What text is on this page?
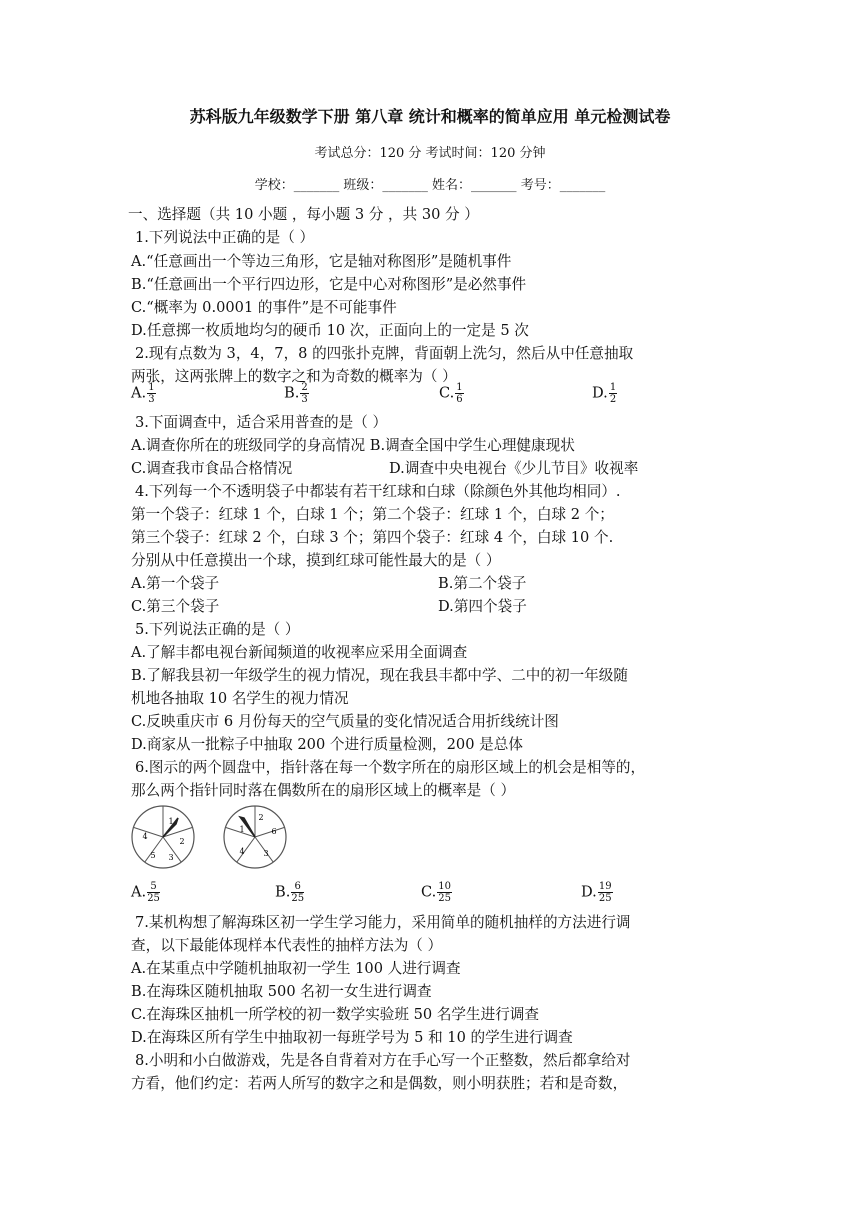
苏科版九年级数学下册 第八章 统计和概率的简单应用 单元检测试卷
考试总分：120 分 考试时间：120 分钟
学校：_______ 班级：_______ 姓名：_______ 考号：_______
一、选择题（共 10 小题 ，每小题 3 分 ，共 30 分 ）
1.下列说法中正确的是（ ）
A.“任意画出一个等边三角形，它是轴对称图形”是随机事件
B.“任意画出一个平行四边形，它是中心对称图形”是必然事件
C.“概率为 0.0001 的事件”是不可能事件
D.任意掷一枚质地均匀的硬币 10 次，正面向上的一定是 5 次
2.现有点数为 3，4，7，8 的四张扑克牌，背面朝上洗匀，然后从中任意抽取
两张，这两张牌上的数字之和为奇数的概率为（ ）
A. $\frac{1}{3}$	B. $\frac{2}{3}$	C. $\frac{1}{6}$	D. $\frac{1}{2}$
3.下面调查中，适合采用普查的是（ ）
A.调查你所在的班级同学的身高情况 B.调查全国中学生心理健康现状
C.调查我市食品合格情况	D.调查中央电视台《少儿节目》收视率
4.下列每一个不透明袋子中都装有若干红球和白球（除颜色外其他均相同）.
第一个袋子：红球 1 个，白球 1 个；第二个袋子：红球 1 个，白球 2 个；
第三个袋子：红球 2 个，白球 3 个；第四个袋子：红球 4 个，白球 10 个.
分别从中任意摸出一个球，摸到红球可能性最大的是（ ）
A.第一个袋子	B.第二个袋子
C.第三个袋子	D.第四个袋子
5.下列说法正确的是（ ）
A.了解丰都电视台新闻频道的收视率应采用全面调查
B.了解我县初一年级学生的视力情况，现在我县丰都中学、二中的初一年级随
机地各抽取 10 名学生的视力情况
C.反映重庆市 6 月份每天的空气质量的变化情况适合用折线统计图
D.商家从一批粽子中抽取 200 个进行质量检测，200 是总体
6.图示的两个圆盘中，指针落在每一个数字所在的扇形区域上的机会是相等的，
那么两个指针同时落在偶数所在的扇形区域上的概率是（ ）
1
2
3
5
4
1
2
6
3
4
A. $\frac{5}{25}$	B. $\frac{6}{25}$	C. $\frac{10}{25}$	D. $\frac{19}{25}$
7.某机构想了解海珠区初一学生学习能力，采用简单的随机抽样的方法进行调
查，以下最能体现样本代表性的抽样方法为（ ）
A.在某重点中学随机抽取初一学生 100 人进行调查
B.在海珠区随机抽取 500 名初一女生进行调查
C.在海珠区抽机一所学校的初一数学实验班 50 名学生进行调查
D.在海珠区所有学生中抽取初一每班学号为 5 和 10 的学生进行调查
8.小明和小白做游戏，先是各自背着对方在手心写一个正整数，然后都拿给对
方看，他们约定：若两人所写的数字之和是偶数，则小明获胜；若和是奇数，
